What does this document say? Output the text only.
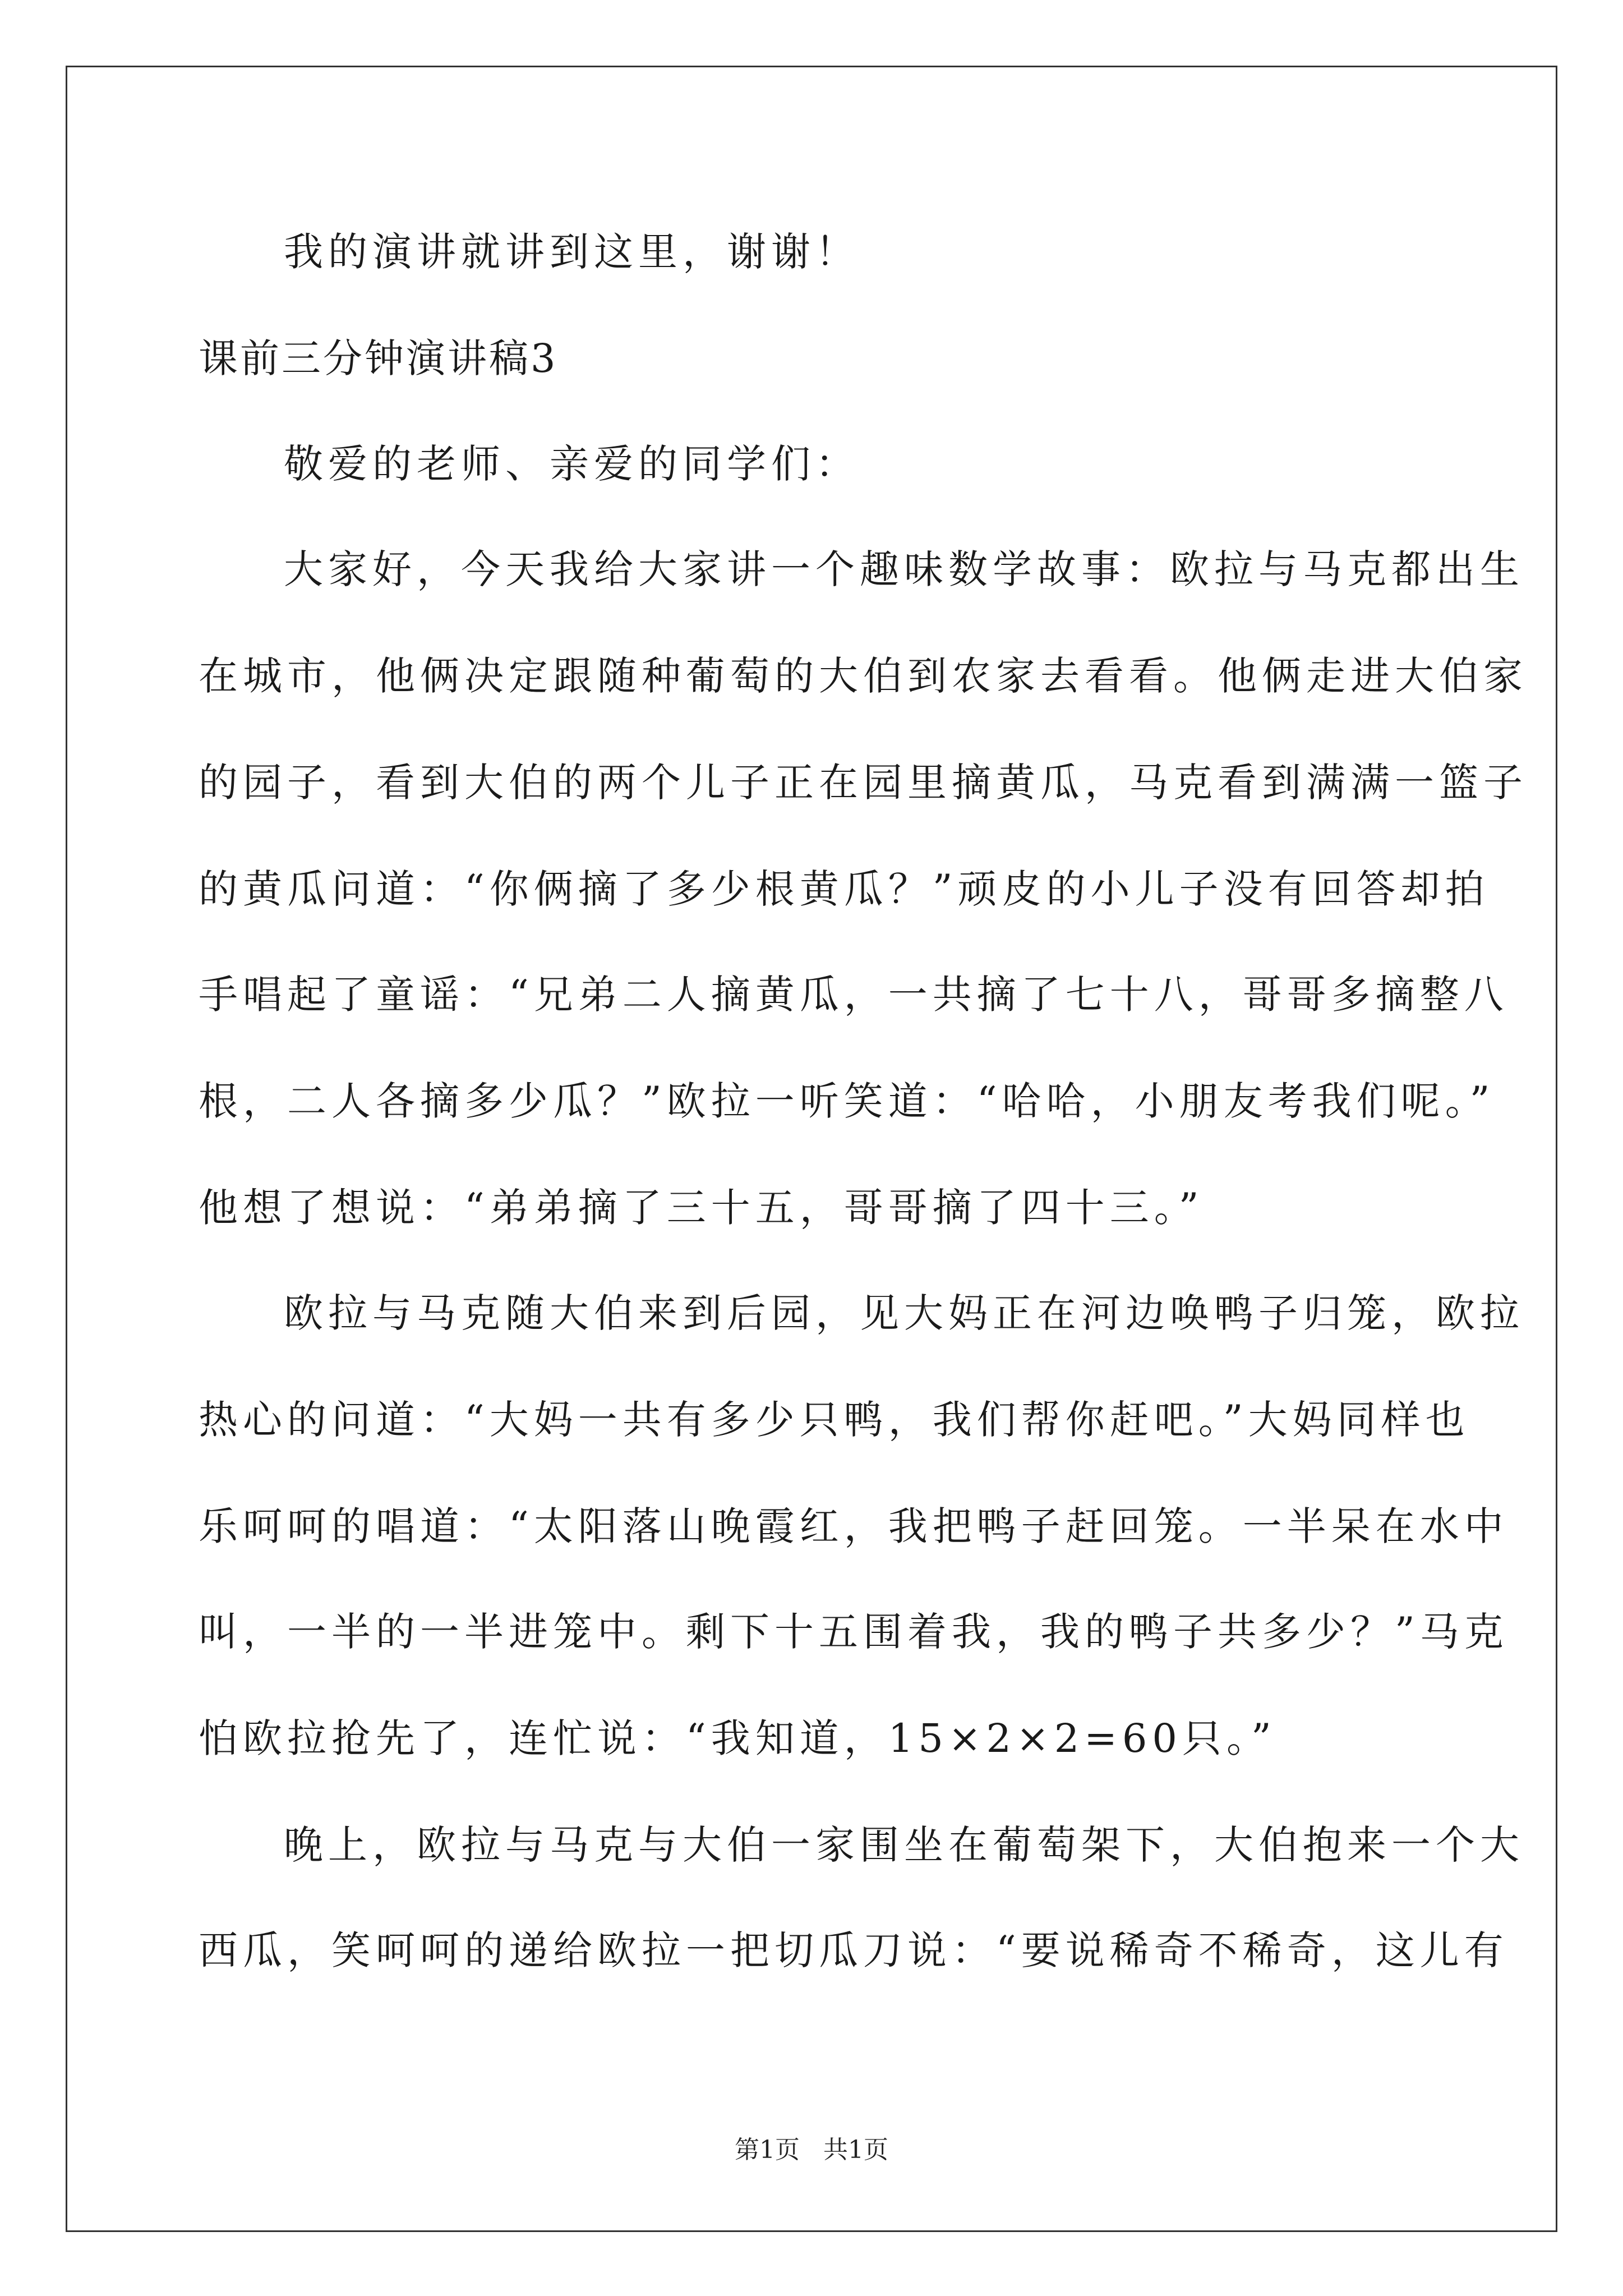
我的演讲就讲到这里，谢谢！
课前三分钟演讲稿3
敬爱的老师、亲爱的同学们：
大家好，今天我给大家讲一个趣味数学故事：欧拉与马克都出生
在城市，他俩决定跟随种葡萄的大伯到农家去看看。他俩走进大伯家
的园子，看到大伯的两个儿子正在园里摘黄瓜，马克看到满满一篮子
的黄瓜问道：“你俩摘了多少根黄瓜？”顽皮的小儿子没有回答却拍
手唱起了童谣：“兄弟二人摘黄瓜，一共摘了七十八，哥哥多摘整八
根，二人各摘多少瓜？”欧拉一听笑道：“哈哈，小朋友考我们呢。”
他想了想说：“弟弟摘了三十五，哥哥摘了四十三。”
欧拉与马克随大伯来到后园，见大妈正在河边唤鸭子归笼，欧拉
热心的问道：“大妈一共有多少只鸭，我们帮你赶吧。”大妈同样也
乐呵呵的唱道：“太阳落山晚霞红，我把鸭子赶回笼。一半呆在水中
叫，一半的一半进笼中。剩下十五围着我，我的鸭子共多少？”马克
怕欧拉抢先了，连忙说：“我知道，15×2×2=60只。”
晚上，欧拉与马克与大伯一家围坐在葡萄架下，大伯抱来一个大
西瓜，笑呵呵的递给欧拉一把切瓜刀说：“要说稀奇不稀奇，这儿有
第1页   共1页
